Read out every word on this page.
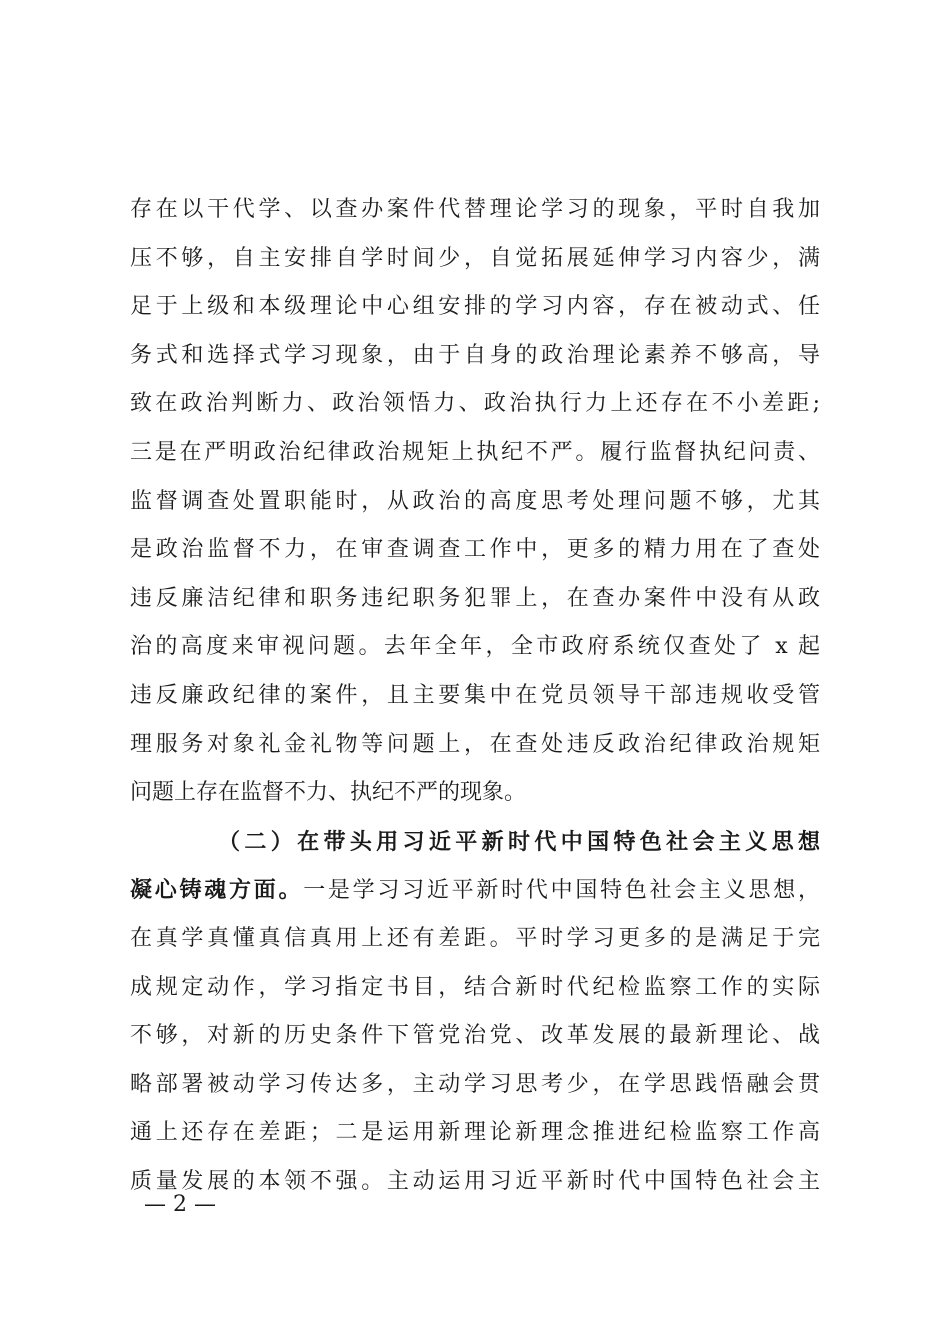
存在以干代学、以查办案件代替理论学习的现象，平时自我加
压不够，自主安排自学时间少，自觉拓展延伸学习内容少，满
足于上级和本级理论中心组安排的学习内容，存在被动式、任
务式和选择式学习现象，由于自身的政治理论素养不够高，导
致在政治判断力、政治领悟力、政治执行力上还存在不小差距;
三是在严明政治纪律政治规矩上执纪不严。履行监督执纪问责、
监督调查处置职能时，从政治的高度思考处理问题不够，尤其
是政治监督不力，在审查调查工作中，更多的精力用在了查处
违反廉洁纪律和职务违纪职务犯罪上，在查办案件中没有从政
治的高度来审视问题。去年全年，全市政府系统仅查处了 x 起
违反廉政纪律的案件，且主要集中在党员领导干部违规收受管
理服务对象礼金礼物等问题上，在查处违反政治纪律政治规矩
问题上存在监督不力、执纪不严的现象。
（二）在带头用习近平新时代中国特色社会主义思想
凝心铸魂方面。一是学习习近平新时代中国特色社会主义思想，
在真学真懂真信真用上还有差距。平时学习更多的是满足于完
成规定动作，学习指定书目，结合新时代纪检监察工作的实际
不够，对新的历史条件下管党治党、改革发展的最新理论、战
略部署被动学习传达多，主动学习思考少，在学思践悟融会贯
通上还存在差距；二是运用新理论新理念推进纪检监察工作高
质量发展的本领不强。主动运用习近平新时代中国特色社会主
— 2 —
